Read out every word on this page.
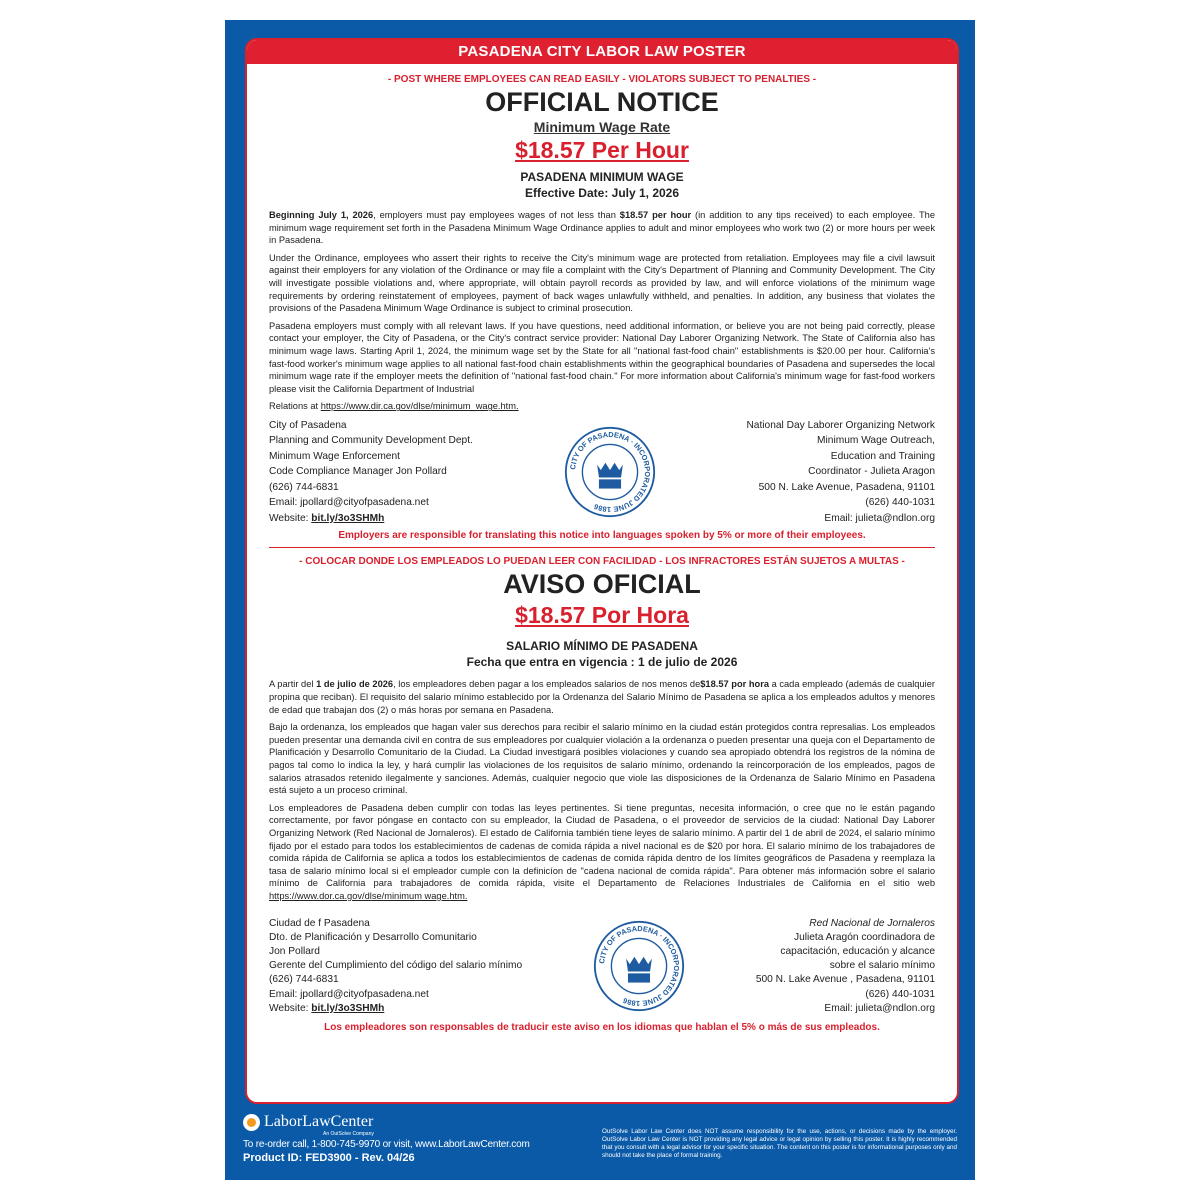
PASADENA CITY LABOR LAW POSTER
- POST WHERE EMPLOYEES CAN READ EASILY - VIOLATORS SUBJECT TO PENALTIES -
OFFICIAL NOTICE
Minimum Wage Rate
$18.57 Per Hour
PASADENA MINIMUM WAGE
Effective Date: July 1, 2026

Beginning July 1, 2026, employers must pay employees wages of not less than $18.57 per hour (in addition to any tips received) to each employee. The minimum wage requirement set forth in the Pasadena Minimum Wage Ordinance applies to adult and minor employees who work two (2) or more hours per week in Pasadena.

Under the Ordinance, employees who assert their rights to receive the City's minimum wage are protected from retaliation. Employees may file a civil lawsuit against their employers for any violation of the Ordinance or may file a complaint with the City's Department of Planning and Community Development. The City will investigate possible violations and, where appropriate, will obtain payroll records as provided by law, and will enforce violations of the minimum wage requirements by ordering reinstatement of employees, payment of back wages unlawfully withheld, and penalties. In addition, any business that violates the provisions of the Pasadena Minimum Wage Ordinance is subject to criminal prosecution.

Pasadena employers must comply with all relevant laws. If you have questions, need additional information, or believe you are not being paid correctly, please contact your employer, the City of Pasadena, or the City's contract service provider: National Day Laborer Organizing Network. The State of California also has minimum wage laws. Starting April 1, 2024, the minimum wage set by the State for all "national fast-food chain" establishments is $20.00 per hour. California's fast-food worker's minimum wage applies to all national fast-food chain establishments within the geographical boundaries of Pasadena and supersedes the local minimum wage rate if the employer meets the definition of "national fast-food chain." For more information about California's minimum wage for fast-food workers please visit the California Department of Industrial

Relations at https://www.dir.ca.gov/dlse/minimum_wage.htm.

City of Pasadena
Planning and Community Development Dept.
Minimum Wage Enforcement
Code Compliance Manager Jon Pollard
(626) 744-6831
Email: jpollard@cityofpasadena.net
Website: bit.ly/3o3SHMh
CITY OF PASADENA · INCORPORATED JUNE 1886
National Day Laborer Organizing Network
Minimum Wage Outreach,
Education and Training
Coordinator - Julieta Aragon
500 N. Lake Avenue, Pasadena, 91101
(626) 440-1031
Email: julieta@ndlon.org
Employers are responsible for translating this notice into languages spoken by 5% or more of their employees.
- COLOCAR DONDE LOS EMPLEADOS LO PUEDAN LEER CON FACILIDAD - LOS INFRACTORES ESTÁN SUJETOS A MULTAS -
AVISO OFICIAL
$18.57 Por Hora
SALARIO MÍNIMO DE PASADENA
Fecha que entra en vigencia : 1 de julio de 2026

A partir del 1 de julio de 2026, los empleadores deben pagar a los empleados salarios de nos menos de$18.57 por hora a cada empleado (además de cualquier propina que reciban). El requisito del salario mínimo establecido por la Ordenanza del Salario Mínimo de Pasadena se aplica a los empleados adultos y menores de edad que trabajan dos (2) o más horas por semana en Pasadena.

Bajo la ordenanza, los empleados que hagan valer sus derechos para recibir el salario mínimo en la ciudad están protegidos contra represalias. Los empleados pueden presentar una demanda civil en contra de sus empleadores por cualquier violación a la ordenanza o pueden presentar una queja con el Departamento de Planificación y Desarrollo Comunitario de la Ciudad. La Ciudad investigará posibles violaciones y cuando sea apropiado obtendrá los registros de la nómina de pagos tal como lo indica la ley, y hará cumplir las violaciones de los requisitos de salario mínimo, ordenando la reincorporación de los empleados, pagos de salarios atrasados retenido ilegalmente y sanciones. Además, cualquier negocio que viole las disposiciones de la Ordenanza de Salario Mínimo en Pasadena está sujeto a un proceso criminal.

Los empleadores de Pasadena deben cumplir con todas las leyes pertinentes. Si tiene preguntas, necesita información, o cree que no le están pagando correctamente, por favor póngase en contacto con su empleador, la Ciudad de Pasadena, o el proveedor de servicios de la ciudad: National Day Laborer Organizing Network (Red Nacional de Jornaleros). El estado de California también tiene leyes de salario mínimo. A partir del 1 de abril de 2024, el salario mínimo fijado por el estado para todos los establecimientos de cadenas de comida rápida a nivel nacional es de $20 por hora. El salario mínimo de los trabajadores de comida rápida de California se aplica a todos los establecimientos de cadenas de comida rápida dentro de los límites geográficos de Pasadena y reemplaza la tasa de salario mínimo local si el empleador cumple con la definicíon de "cadena nacional de comida rápida". Para obtener más información sobre el salario mínimo de California para trabajadores de comida rápida, visite el Departamento de Relaciones Industriales de California en el sitio web https://www.dor.ca.gov/dlse/minimum wage.htm.

Ciudad de f Pasadena
Dto. de Planificación y Desarrollo Comunitario
Jon Pollard
Gerente del Cumplimiento del código del salario mínimo
(626) 744-6831
Email: jpollard@cityofpasadena.net
Website: bit.ly/3o3SHMh
CITY OF PASADENA · INCORPORATED JUNE 1886
Red Nacional de Jornaleros
Julieta Aragón coordinadora de
capacitación, educación y alcance
sobre el salario mínimo
500 N. Lake Avenue , Pasadena, 91101
(626) 440-1031
Email: julieta@ndlon.org
Los empleadores son responsables de traducir este aviso en los idiomas que hablan el 5% o más de sus empleados.
LaborLawCenter
An OutSolve Company
To re-order call, 1-800-745-9970 or visit, www.LaborLawCenter.com
Product ID: FED3900 - Rev. 04/26
OutSolve Labor Law Center does NOT assume responsibility for the use, actions, or decisions made by the employer. OutSolve Labor Law Center is NOT providing any legal advice or legal opinion by selling this poster. It is highly recommended that you consult with a legal advisor for your specific situation. The content on this poster is for informational purposes only and should not take the place of formal training.
